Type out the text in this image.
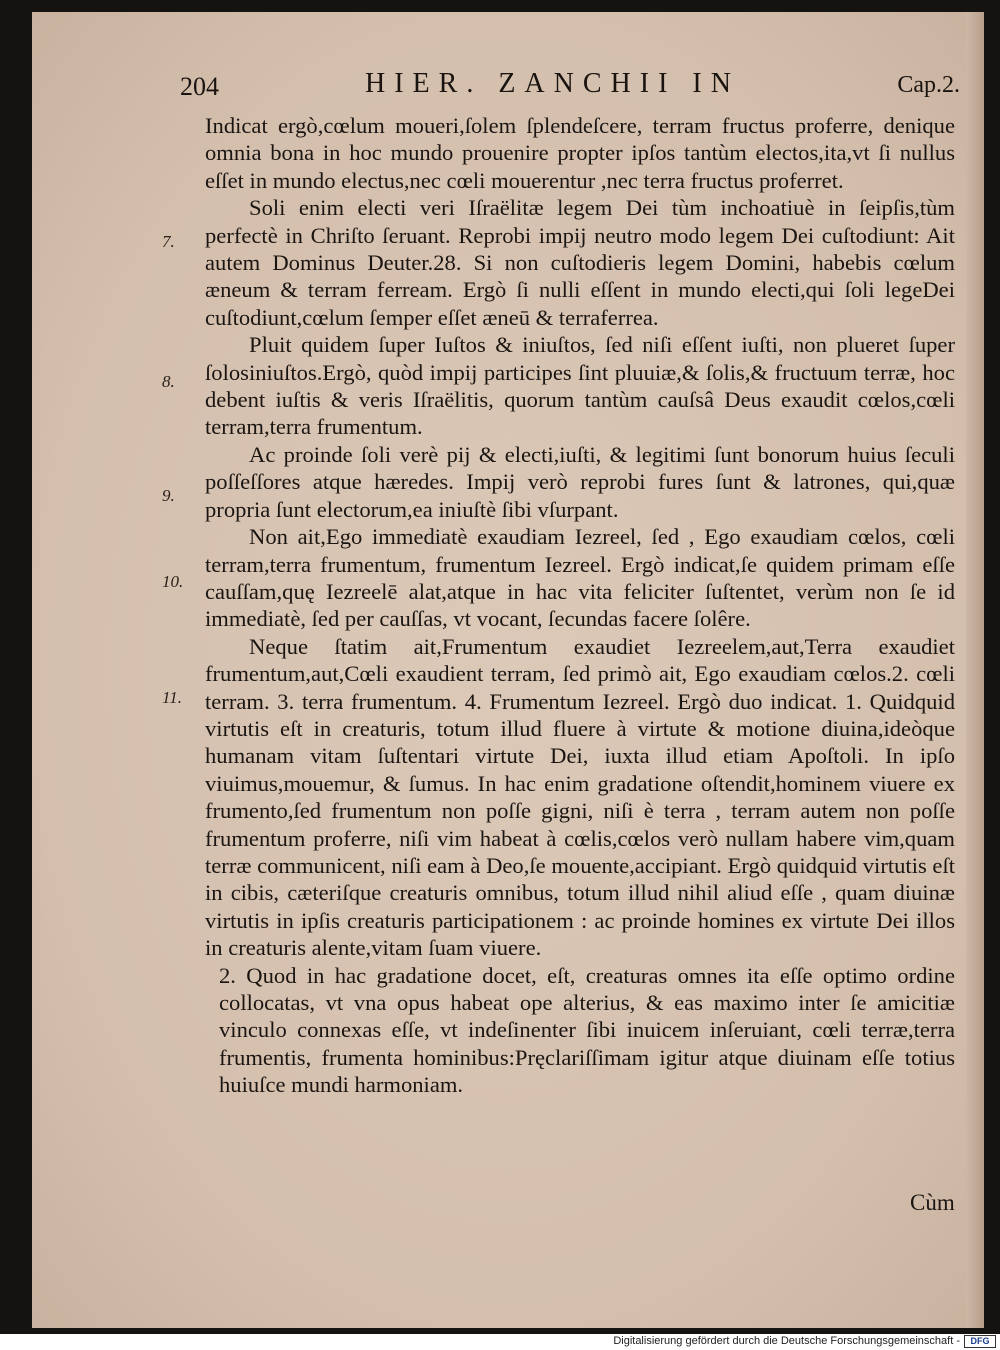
204	HIER. ZANCHII IN	Cap.2.
7.
8.
9.
10.
11.

Indicat ergò,cœlum moueri,ſolem ſplendeſcere, terram fructus proferre, denique omnia bona in hoc mundo prouenire propter ipſos tantùm electos,ita,vt ſi nullus eſſet in mundo electus,nec cœli mouerentur ,nec terra fructus proferret.

Soli enim electi veri Iſraëlitæ legem Dei tùm inchoatiuè in ſeipſis,tùm perfectè in Chriſto ſeruant. Reprobi impij neutro modo legem Dei cuſtodiunt: Ait autem Dominus Deuter.28. Si non cuſtodieris legem Domini, habebis cœlum æneum & terram ferream. Ergò ſi nulli eſſent in mundo electi,qui ſoli legeDei cuſtodiunt,cœlum ſemper eſſet æneū & terraferrea.

Pluit quidem ſuper Iuſtos & iniuſtos, ſed niſi eſſent iuſti, non plueret ſuper ſolosiniuſtos.Ergò, quòd impij participes ſint pluuiæ,& ſolis,& fructuum terræ, hoc debent iuſtis & veris Iſraëlitis, quorum tantùm cauſsâ Deus exaudit cœlos,cœli terram,terra frumentum.

Ac proinde ſoli verè pij & electi,iuſti, & legitimi ſunt bonorum huius ſeculi poſſeſſores atque hæredes. Impij verò reprobi fures ſunt & latrones, qui,quæ propria ſunt electorum,ea iniuſtè ſibi vſurpant.

Non ait,Ego immediatè exaudiam Iezreel, ſed , Ego exaudiam cœlos, cœli terram,terra frumentum, frumentum Iezreel. Ergò indicat,ſe quidem primam eſſe cauſſam,quę Iezreelē alat,atque in hac vita feliciter ſuſtentet, verùm non ſe id immediatè, ſed per cauſſas, vt vocant, ſecundas facere ſolêre.

Neque ſtatim ait,Frumentum exaudiet Iezreelem,aut,Terra exaudiet frumentum,aut,Cœli exaudient terram, ſed primò ait, Ego exaudiam cœlos.2. cœli terram. 3. terra frumentum. 4. Frumentum Iezreel. Ergò duo indicat. 1. Quidquid virtutis eſt in creaturis, totum illud fluere à virtute & motione diuina,ideòque humanam vitam ſuſtentari virtute Dei, iuxta illud etiam Apoſtoli. In ipſo viuimus,mouemur, & ſumus. In hac enim gradatione oſtendit,hominem viuere ex frumento,ſed frumentum non poſſe gigni, niſi è terra , terram autem non poſſe frumentum proferre, niſi vim habeat à cœlis,cœlos verò nullam habere vim,quam terræ communicent, niſi eam à Deo,ſe mouente,accipiant. Ergò quidquid virtutis eſt in cibis, cæteriſque creaturis omnibus, totum illud nihil aliud eſſe , quam diuinæ virtutis in ipſis creaturis participationem : ac proinde homines ex virtute Dei illos in creaturis alente,vitam ſuam viuere.

2. Quod in hac gradatione docet, eſt, creaturas omnes ita eſſe optimo ordine collocatas, vt vna opus habeat ope alterius, & eas maximo inter ſe amicitiæ vinculo connexas eſſe, vt indeſinenter ſibi inuicem inſeruiant, cœli terræ,terra frumentis, frumenta hominibus:Pręclariſſimam igitur atque diuinam eſſe totius huiuſce mundi harmoniam.

Cùm
Digitalisierung gefördert durch die Deutsche Forschungsgemeinschaft -	DFG
